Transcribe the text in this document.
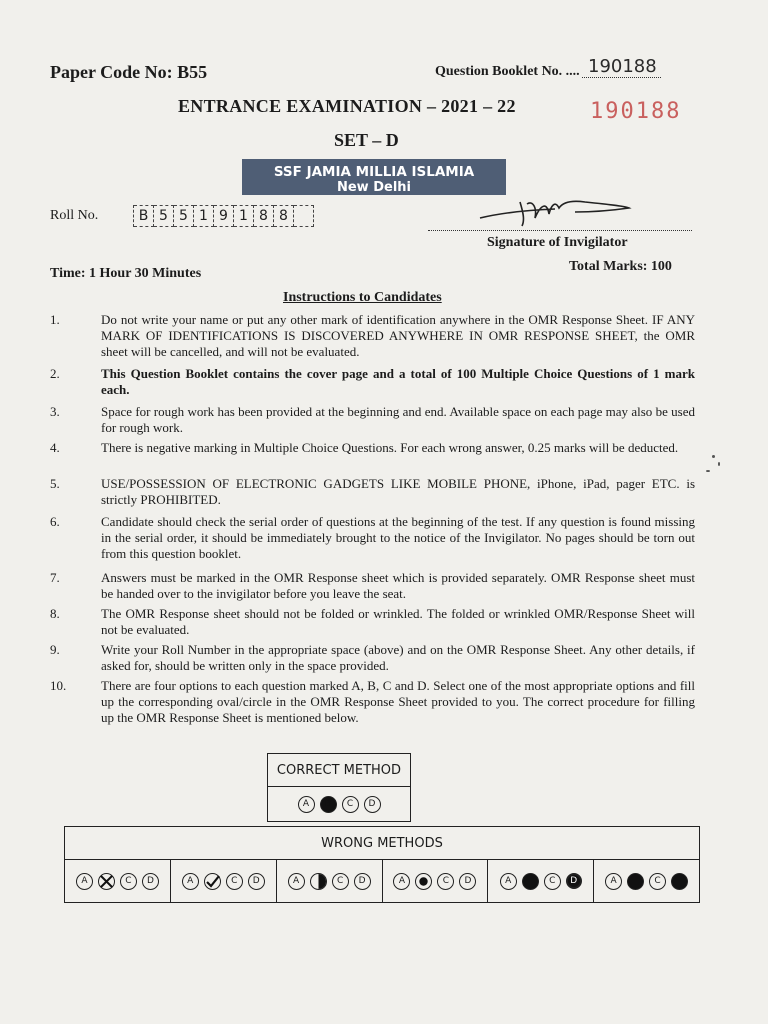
Paper Code No: B55	Question Booklet No. .... 190188
ENTRANCE EXAMINATION – 2021 – 22	190188
SET – D
SSF JAMIA MILLIA ISLAMIA
New Delhi
Roll No.	B 5 5 1 9 1 8 8
Signature of Invigilator
Time: 1 Hour 30 Minutes	Total Marks: 100
Instructions to Candidates
1.	Do not write your name or put any other mark of identification anywhere in the OMR Response Sheet. IF ANY MARK OF IDENTIFICATIONS IS DISCOVERED ANYWHERE IN OMR RESPONSE SHEET, the OMR sheet will be cancelled, and will not be evaluated.
2.	This Question Booklet contains the cover page and a total of 100 Multiple Choice Questions of 1 mark each.
3.	Space for rough work has been provided at the beginning and end. Available space on each page may also be used for rough work.
4.	There is negative marking in Multiple Choice Questions. For each wrong answer, 0.25 marks will be deducted.
5.	USE/POSSESSION OF ELECTRONIC GADGETS LIKE MOBILE PHONE, iPhone, iPad, pager ETC. is strictly PROHIBITED.
6.	Candidate should check the serial order of questions at the beginning of the test. If any question is found missing in the serial order, it should be immediately brought to the notice of the Invigilator. No pages should be torn out from this question booklet.
7.	Answers must be marked in the OMR Response sheet which is provided separately. OMR Response sheet must be handed over to the invigilator before you leave the seat.
8.	The OMR Response sheet should not be folded or wrinkled. The folded or wrinkled OMR/Response Sheet will not be evaluated.
9.	Write your Roll Number in the appropriate space (above) and on the OMR Response Sheet. Any other details, if asked for, should be written only in the space provided.
10.	There are four options to each question marked A, B, C and D. Select one of the most appropriate options and fill up the corresponding oval/circle in the OMR Response Sheet provided to you. The correct procedure for filling up the OMR Response Sheet is mentioned below.
CORRECT METHOD

A	B	C	D
WRONG METHODS

A	C	D	A	C	D	A	C	D	A	C	D	A	C	D	A	C
